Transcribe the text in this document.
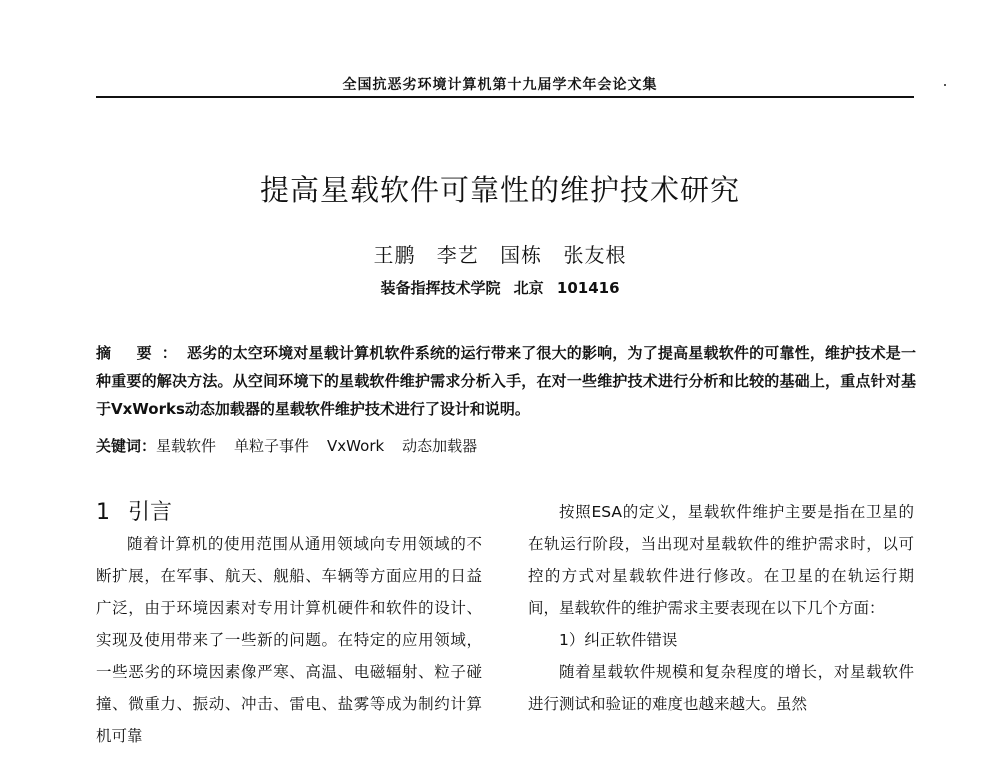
全国抗恶劣环境计算机第十九届学术年会论文集
提高星载软件可靠性的维护技术研究
王鹏 李艺 国栋 张友根
装备指挥技术学院 北京 101416

摘 要：恶劣的太空环境对星载计算机软件系统的运行带来了很大的影响，为了提高星载软件的可靠性，维护技术是一种重要的解决方法。从空间环境下的星载软件维护需求分析入手，在对一些维护技术进行分析和比较的基础上，重点针对基于VxWorks动态加载器的星载软件维护技术进行了设计和说明。

关键词：星载软件 单粒子事件 VxWork 动态加载器

1 引言

随着计算机的使用范围从通用领域向专用领域的不断扩展，在军事、航天、舰船、车辆等方面应用的日益广泛，由于环境因素对专用计算机硬件和软件的设计、实现及使用带来了一些新的问题。在特定的应用领域，一些恶劣的环境因素像严寒、高温、电磁辐射、粒子碰撞、微重力、振动、冲击、雷电、盐雾等成为制约计算机可靠

按照ESA的定义，星载软件维护主要是指在卫星的在轨运行阶段，当出现对星载软件的维护需求时，以可控的方式对星载软件进行修改。在卫星的在轨运行期间，星载软件的维护需求主要表现在以下几个方面：

1）纠正软件错误

随着星载软件规模和复杂程度的增长，对星载软件进行测试和验证的难度也越来越大。虽然
